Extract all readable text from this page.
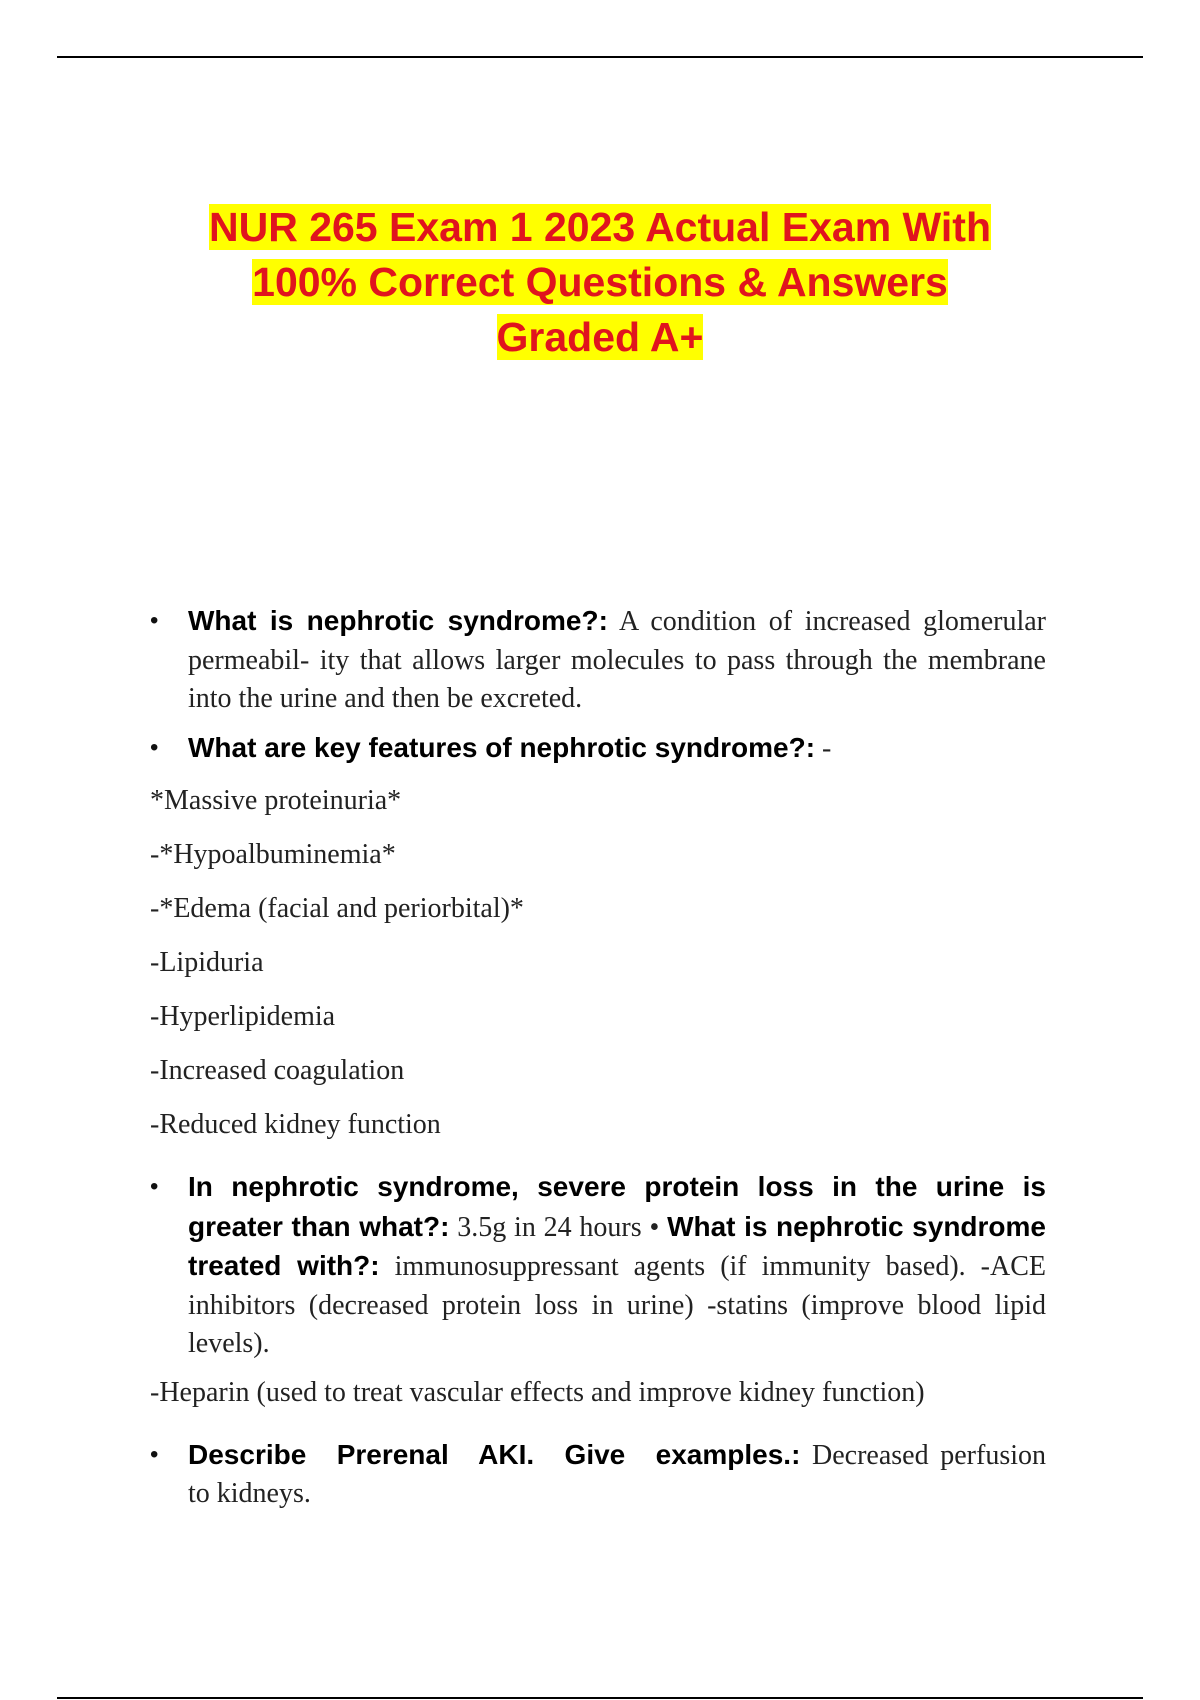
NUR 265 Exam 1 2023 Actual Exam With
100% Correct Questions & Answers
Graded A+
• What is nephrotic syndrome?: A condition of increased glomerular permeabil- ity that allows larger molecules to pass through the membrane into the urine and then be excreted.
• What are key features of nephrotic syndrome?: -

*Massive proteinuria*

-*Hypoalbuminemia*

-*Edema (facial and periorbital)*

-Lipiduria

-Hyperlipidemia

-Increased coagulation

-Reduced kidney function

• In nephrotic syndrome, severe protein loss in the urine is greater than what?: 3.5g in 24 hours • What is nephrotic syndrome treated with?: immunosuppressant agents (if immunity based). -ACE inhibitors (decreased protein loss in urine) -statins (improve blood lipid levels).

-Heparin (used to treat vascular effects and improve kidney function)

• Describe Prerenal AKI. Give examples.: Decreased perfusion to kidneys.
